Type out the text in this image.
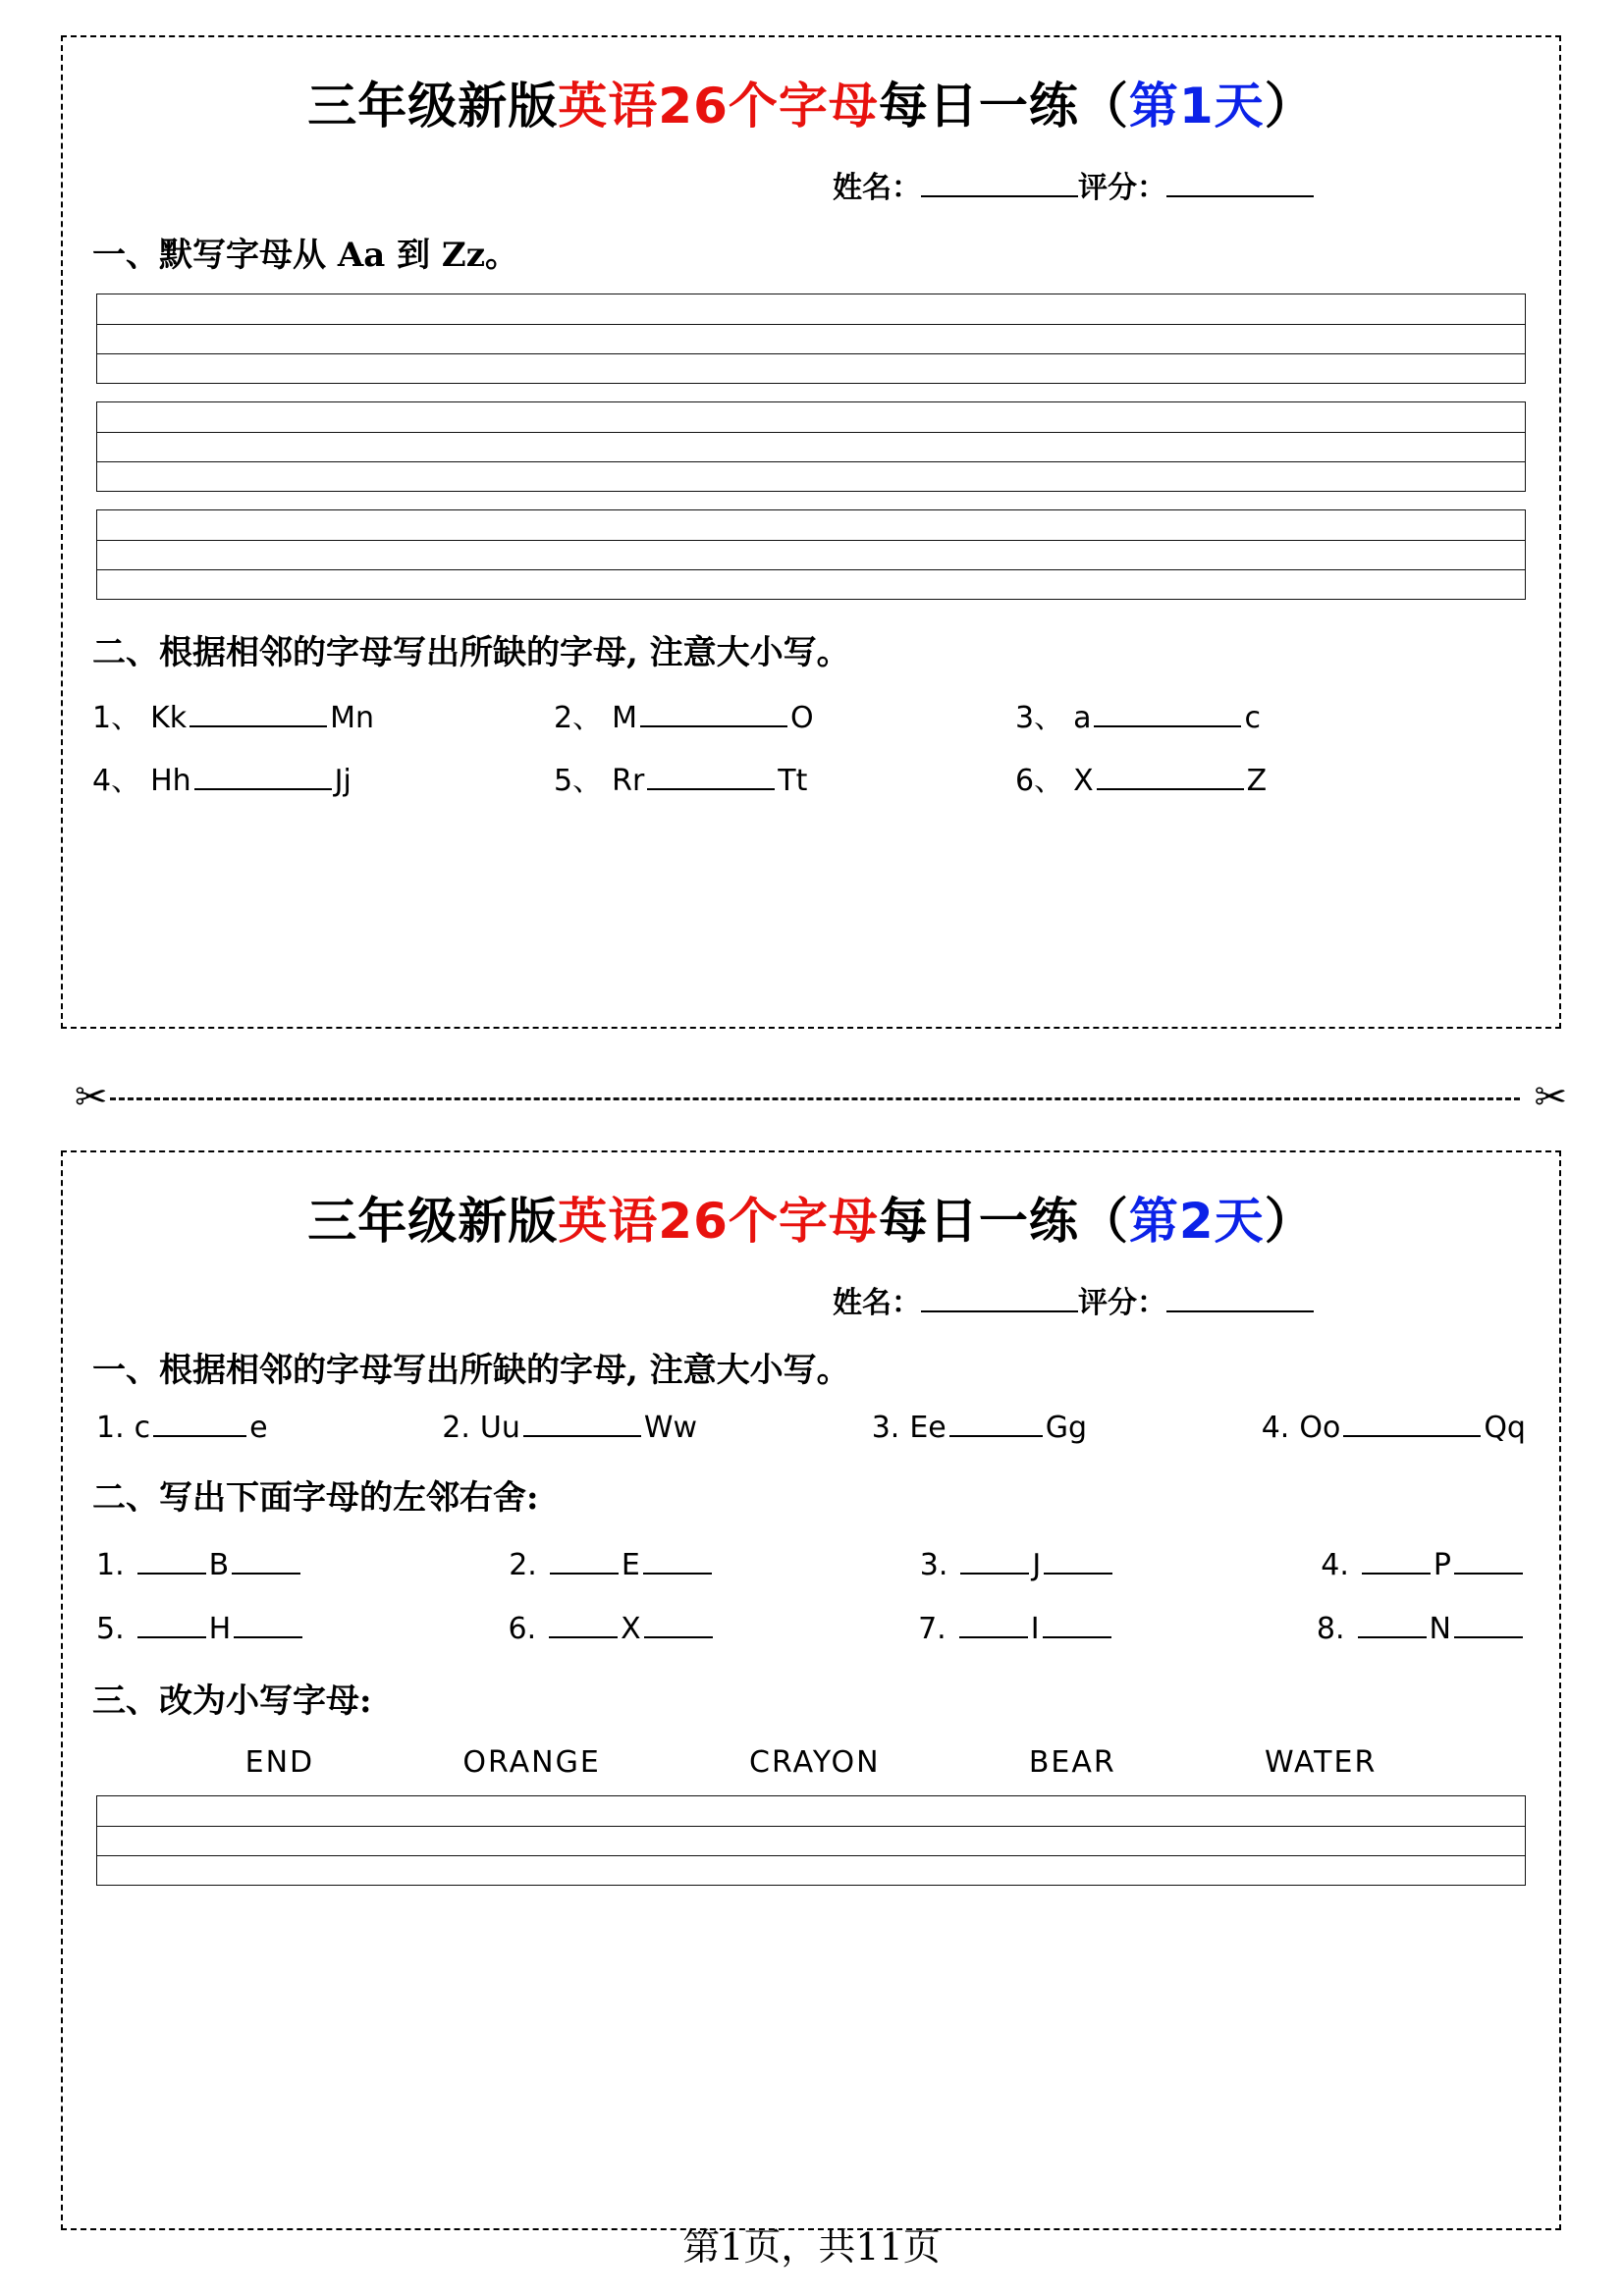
三年级新版英语26个字母每日一练（第1天）
姓名：	评分：
一、默写字母从 Aa 到 Zz。
二、根据相邻的字母写出所缺的字母, 注意大小写。
1、 Kk	Mn	2、 M	O	3、 a	c
4、 Hh	Jj	5、 Rr	Tt	6、 X	Z
✂	✂
三年级新版英语26个字母每日一练（第2天）
姓名：	评分：
一、根据相邻的字母写出所缺的字母, 注意大小写。
1. c	e	2. Uu	Ww	3. Ee	Gg	4. Oo	Qq
二、写出下面字母的左邻右舍:
1.	B	2.	E	3.	J	4.	P
5.	H	6.	X	7.	I	8.	N
三、改为小写字母:
END	ORANGE	CRAYON	BEAR	WATER
第1页，共11页
